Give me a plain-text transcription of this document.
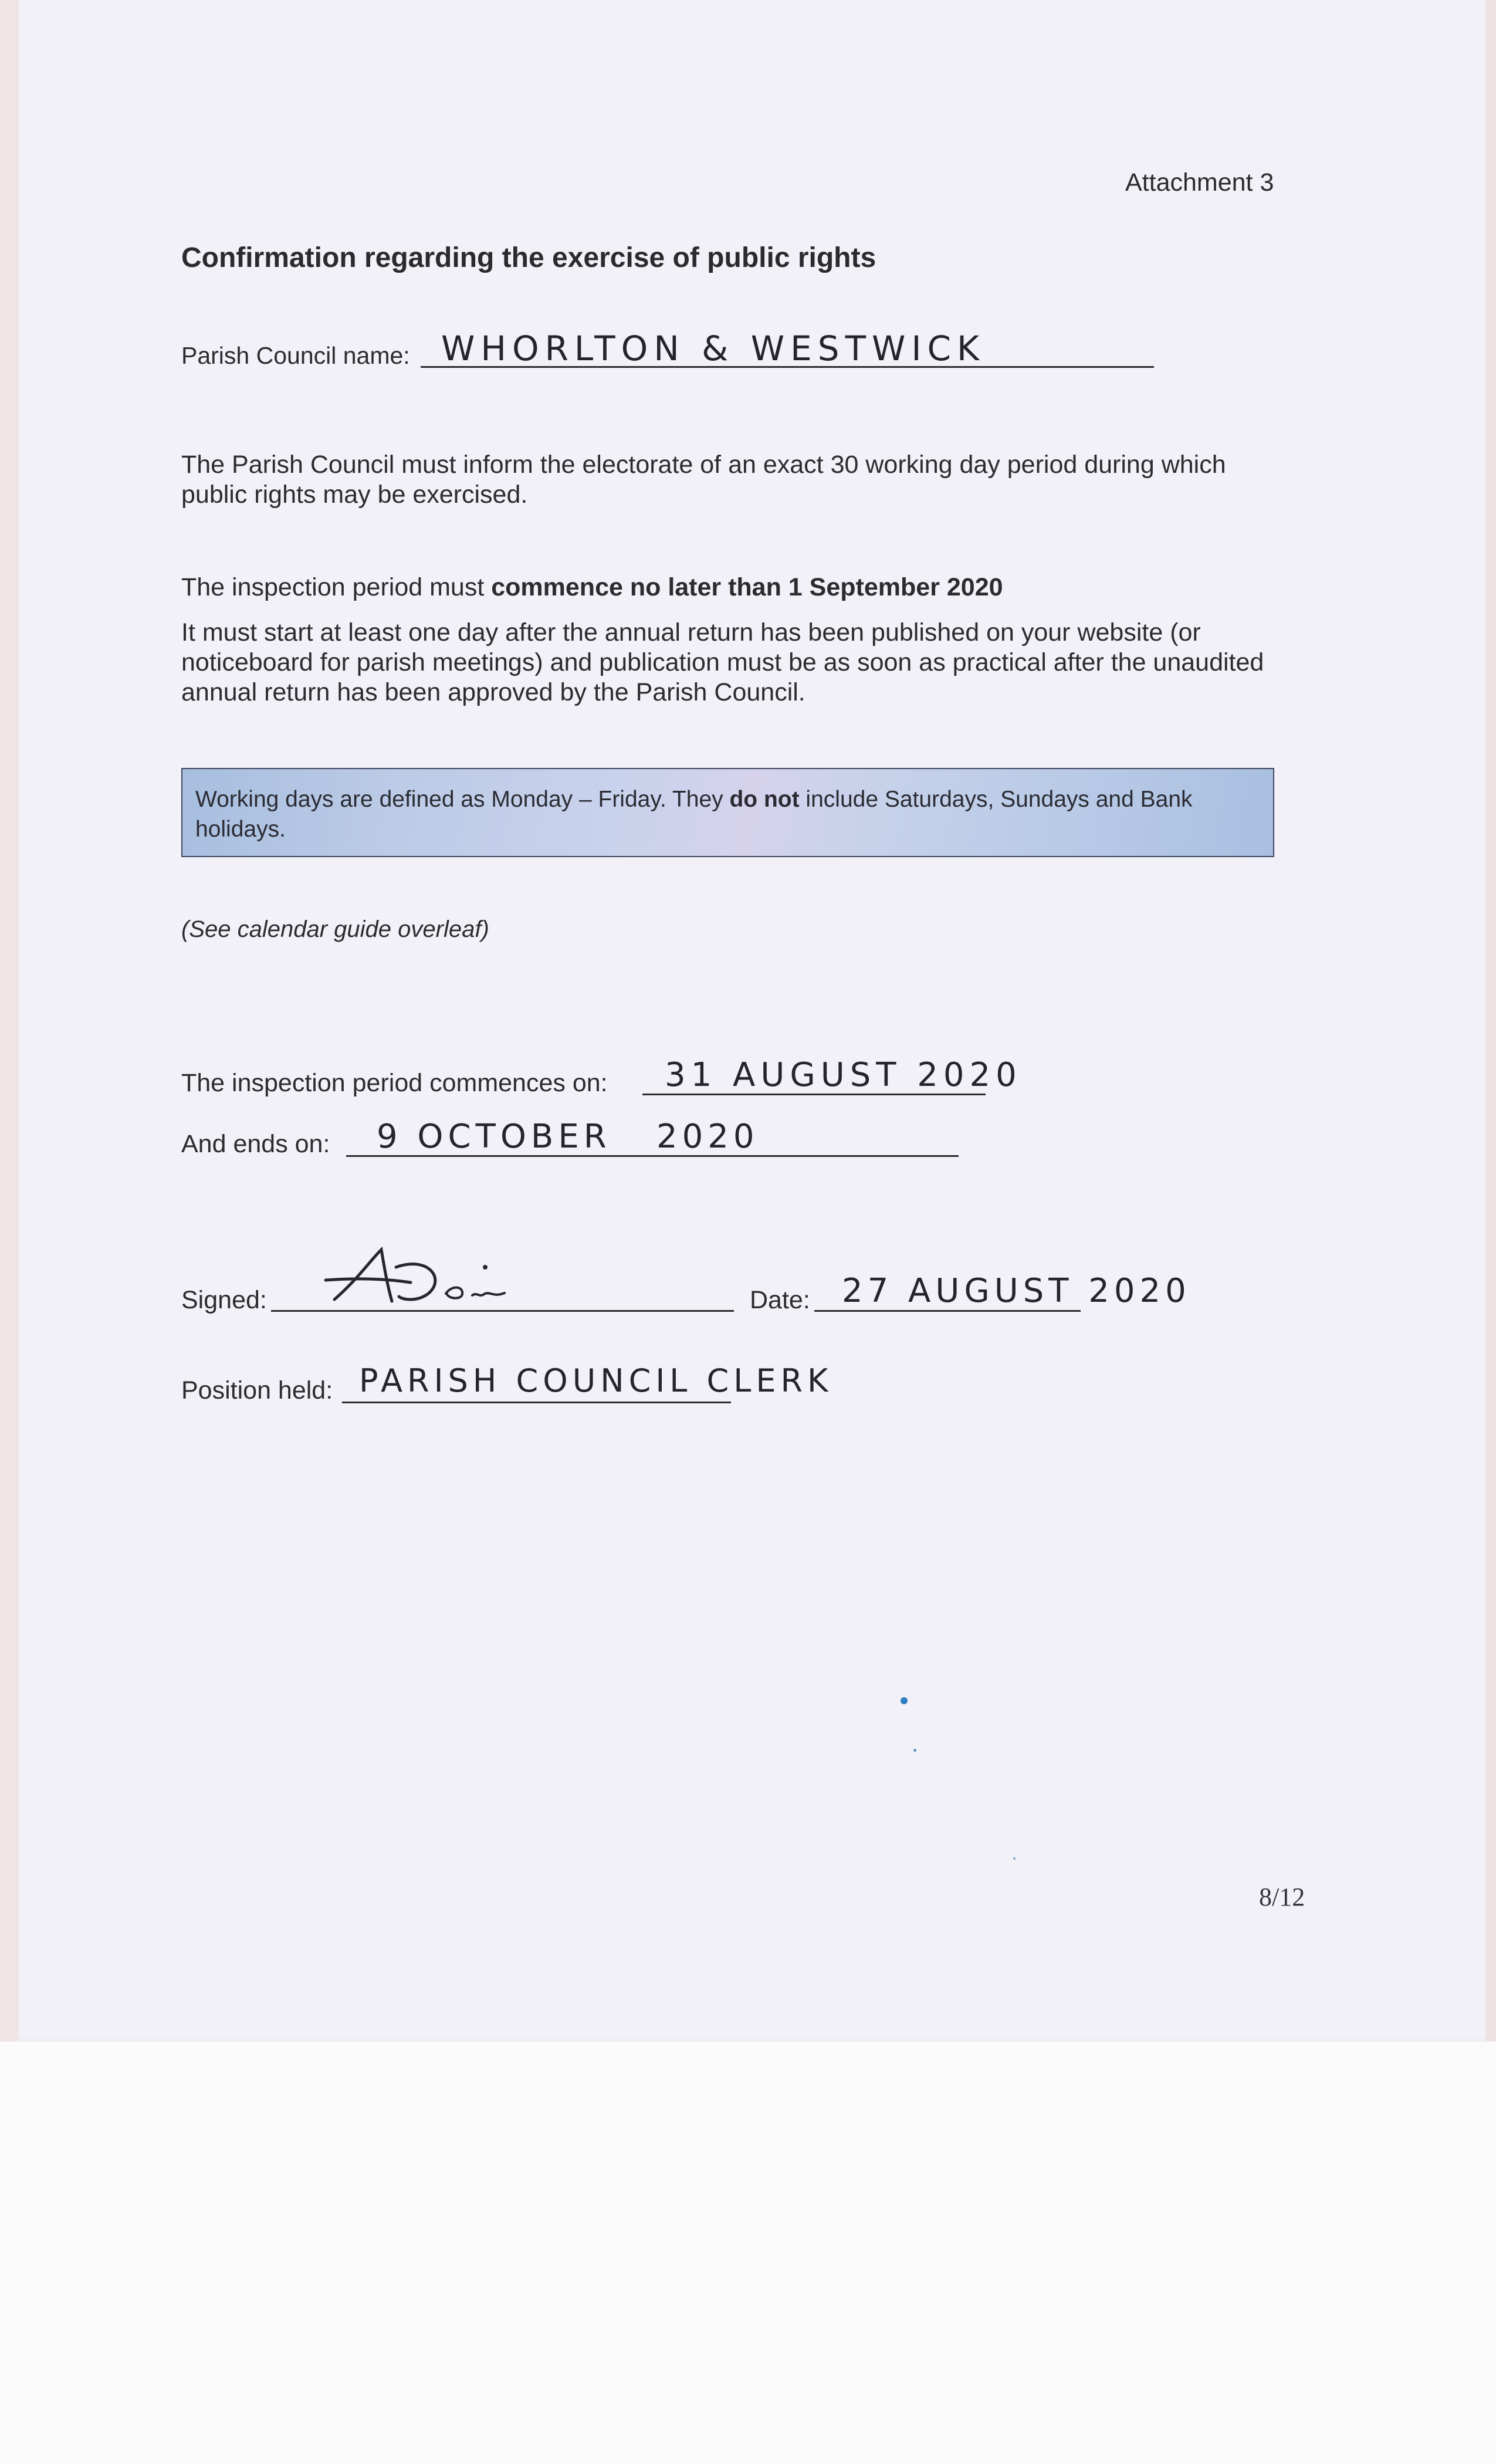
Attachment 3
Confirmation regarding the exercise of public rights
Parish Council name: WHORLTON & WESTWICK
The Parish Council must inform the electorate of an exact 30 working day period during which public rights may be exercised.
The inspection period must commence no later than 1 September 2020
It must start at least one day after the annual return has been published on your website (or noticeboard for parish meetings) and publication must be as soon as practical after the unaudited annual return has been approved by the Parish Council.
Working days are defined as Monday – Friday. They do not include Saturdays, Sundays and Bank holidays.
(See calendar guide overleaf)
The inspection period commences on: 31 AUGUST 2020
And ends on: 9 OCTOBER   2020
Signed:	Date: 27 AUGUST 2020
Position held: PARISH COUNCIL CLERK
8/12
